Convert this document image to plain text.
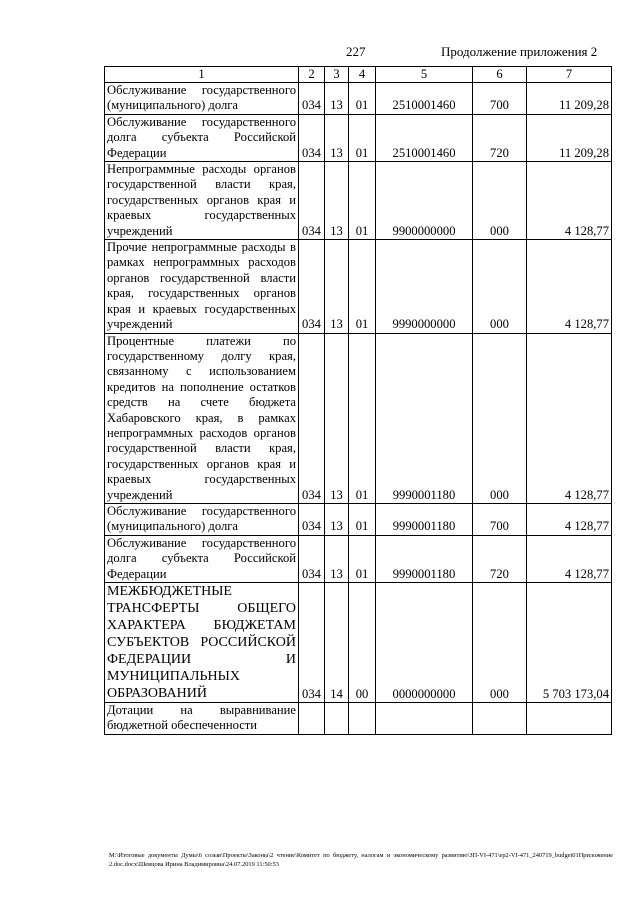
227	Продолжение приложения 2
1	2	3	4	5	6	7
Обслуживание государственного (муниципального) долга	034	13	01	2510001460	700	11 209,28
Обслуживание государственного долга субъекта Российской Федерации	034	13	01	2510001460	720	11 209,28
Непрограммные расходы органов государственной власти края, государственных органов края и краевых государственных учреждений	034	13	01	9900000000	000	4 128,77
Прочие непрограммные расходы в рамках непрограммных расходов органов государственной власти края, государственных органов края и краевых государственных учреждений	034	13	01	9990000000	000	4 128,77
Процентные платежи по государственному долгу края, связанному с использованием кредитов на пополнение остатков средств на счете бюджета Хабаровского края, в рамках непрограммных расходов органов государственной власти края, государственных органов края и краевых государственных учреждений	034	13	01	9990001180	000	4 128,77
Обслуживание государственного (муниципального) долга	034	13	01	9990001180	700	4 128,77
Обслуживание государственного долга субъекта Российской Федерации	034	13	01	9990001180	720	4 128,77
МЕЖБЮДЖЕТНЫЕ ТРАНСФЕРТЫ ОБЩЕГО ХАРАКТЕРА БЮДЖЕТАМ СУБЪЕКТОВ РОССИЙСКОЙ ФЕДЕРАЦИИ И МУНИЦИПАЛЬНЫХ ОБРАЗОВАНИЙ	034	14	00	0000000000	000	5 703 173,04
Дотации на выравнивание бюджетной обеспеченности						
M:\Итоговые документы Думы\6 созыв\Проекты\Законы\2 чтение\Комитет по бюджету, налогам и экономическому развитию\ЗП-VI-471\ер2-VI-471_240719_budget01Приложение 2.doc.docx\Шевцова Ирина Владимировна\24.07.2019 11:50:53
